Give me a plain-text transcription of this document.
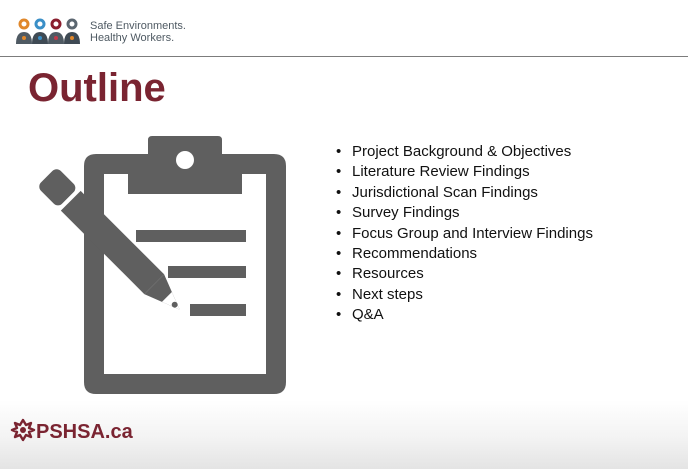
Safe Environments.
Healthy Workers.
Outline
• Project Background & Objectives
• Literature Review Findings
• Jurisdictional Scan Findings
• Survey Findings
• Focus Group and Interview Findings
• Recommendations
• Resources
• Next steps
• Q&A
PSHSA.ca
